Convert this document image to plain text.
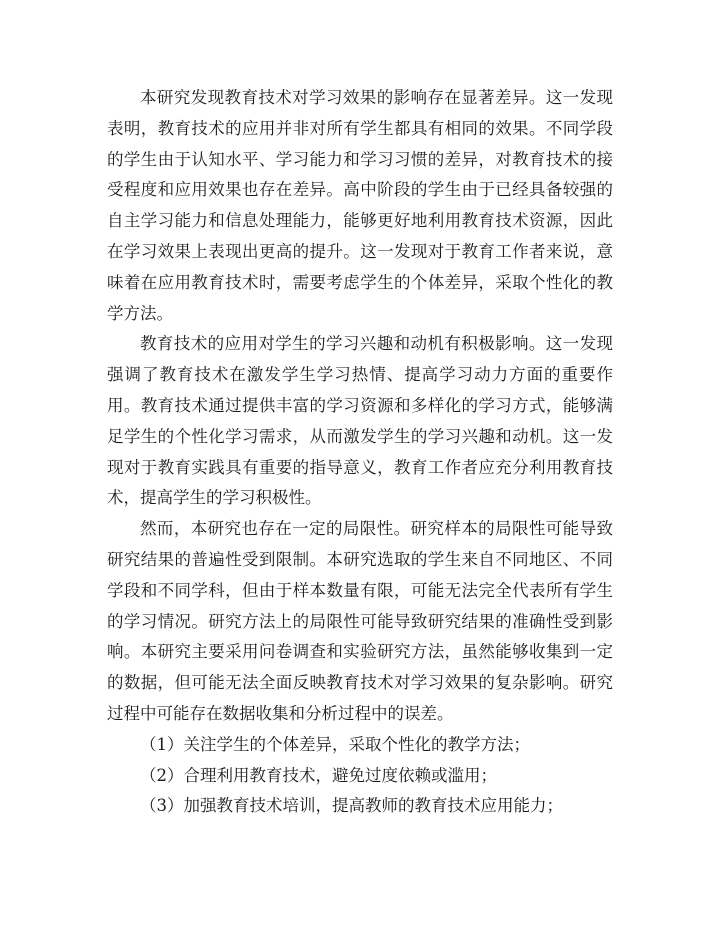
本研究发现教育技术对学习效果的影响存在显著差异。这一发现表明，教育技术的应用并非对所有学生都具有相同的效果。不同学段的学生由于认知水平、学习能力和学习习惯的差异，对教育技术的接受程度和应用效果也存在差异。高中阶段的学生由于已经具备较强的自主学习能力和信息处理能力，能够更好地利用教育技术资源，因此在学习效果上表现出更高的提升。这一发现对于教育工作者来说，意味着在应用教育技术时，需要考虑学生的个体差异，采取个性化的教学方法。

教育技术的应用对学生的学习兴趣和动机有积极影响。这一发现强调了教育技术在激发学生学习热情、提高学习动力方面的重要作用。教育技术通过提供丰富的学习资源和多样化的学习方式，能够满足学生的个性化学习需求，从而激发学生的学习兴趣和动机。这一发现对于教育实践具有重要的指导意义，教育工作者应充分利用教育技术，提高学生的学习积极性。

然而，本研究也存在一定的局限性。研究样本的局限性可能导致研究结果的普遍性受到限制。本研究选取的学生来自不同地区、不同学段和不同学科，但由于样本数量有限，可能无法完全代表所有学生的学习情况。研究方法上的局限性可能导致研究结果的准确性受到影响。本研究主要采用问卷调查和实验研究方法，虽然能够收集到一定的数据，但可能无法全面反映教育技术对学习效果的复杂影响。研究过程中可能存在数据收集和分析过程中的误差。

（1）关注学生的个体差异，采取个性化的教学方法；

（2）合理利用教育技术，避免过度依赖或滥用；

（3）加强教育技术培训，提高教师的教育技术应用能力；
